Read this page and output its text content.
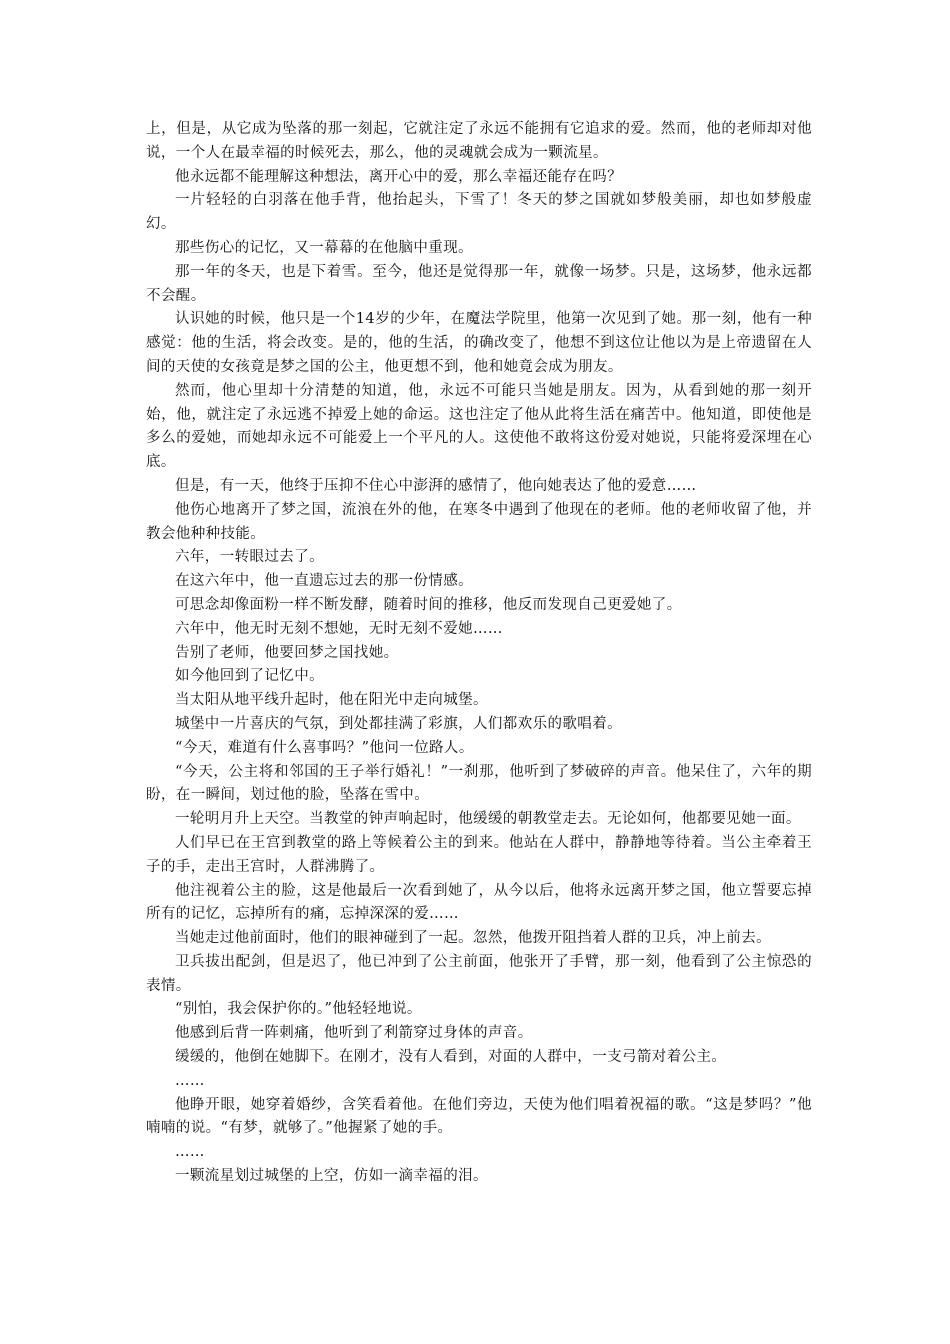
上，但是，从它成为坠落的那一刻起，它就注定了永远不能拥有它追求的爱。然而，他的老师却对他说，一个人在最幸福的时候死去，那么，他的灵魂就会成为一颗流星。

他永远都不能理解这种想法，离开心中的爱，那么幸福还能存在吗？

一片轻轻的白羽落在他手背，他抬起头，下雪了！冬天的梦之国就如梦般美丽，却也如梦般虚幻。

那些伤心的记忆，又一幕幕的在他脑中重现。

那一年的冬天，也是下着雪。至今，他还是觉得那一年，就像一场梦。只是，这场梦，他永远都不会醒。

认识她的时候，他只是一个14岁的少年，在魔法学院里，他第一次见到了她。那一刻，他有一种感觉：他的生活，将会改变。是的，他的生活，的确改变了，他想不到这位让他以为是上帝遗留在人间的天使的女孩竟是梦之国的公主，他更想不到，他和她竟会成为朋友。

然而，他心里却十分清楚的知道，他，永远不可能只当她是朋友。因为，从看到她的那一刻开始，他，就注定了永远逃不掉爱上她的命运。这也注定了他从此将生活在痛苦中。他知道，即使他是多么的爱她，而她却永远不可能爱上一个平凡的人。这使他不敢将这份爱对她说，只能将爱深埋在心底。

但是，有一天，他终于压抑不住心中澎湃的感情了，他向她表达了他的爱意……

他伤心地离开了梦之国，流浪在外的他，在寒冬中遇到了他现在的老师。他的老师收留了他，并教会他种种技能。

六年，一转眼过去了。

在这六年中，他一直遗忘过去的那一份情感。

可思念却像面粉一样不断发酵，随着时间的推移，他反而发现自己更爱她了。

六年中，他无时无刻不想她，无时无刻不爱她……

告别了老师，他要回梦之国找她。

如今他回到了记忆中。

当太阳从地平线升起时，他在阳光中走向城堡。

城堡中一片喜庆的气氛，到处都挂满了彩旗，人们都欢乐的歌唱着。

“今天，难道有什么喜事吗？”他问一位路人。

“今天，公主将和邻国的王子举行婚礼！”一刹那，他听到了梦破碎的声音。他呆住了，六年的期盼，在一瞬间，划过他的脸，坠落在雪中。

一轮明月升上天空。当教堂的钟声响起时，他缓缓的朝教堂走去。无论如何，他都要见她一面。

人们早已在王宫到教堂的路上等候着公主的到来。他站在人群中，静静地等待着。当公主牵着王子的手，走出王宫时，人群沸腾了。

他注视着公主的脸，这是他最后一次看到她了，从今以后，他将永远离开梦之国，他立誓要忘掉所有的记忆，忘掉所有的痛，忘掉深深的爱……

当她走过他前面时，他们的眼神碰到了一起。忽然，他拨开阻挡着人群的卫兵，冲上前去。

卫兵拔出配剑，但是迟了，他已冲到了公主前面，他张开了手臂，那一刻，他看到了公主惊恐的表情。

“别怕，我会保护你的。”他轻轻地说。

他感到后背一阵刺痛，他听到了利箭穿过身体的声音。

缓缓的，他倒在她脚下。在刚才，没有人看到，对面的人群中，一支弓箭对着公主。

……

他睁开眼，她穿着婚纱，含笑看着他。在他们旁边，天使为他们唱着祝福的歌。“这是梦吗？”他喃喃的说。“有梦，就够了。”他握紧了她的手。

……

一颗流星划过城堡的上空，仿如一滴幸福的泪。
